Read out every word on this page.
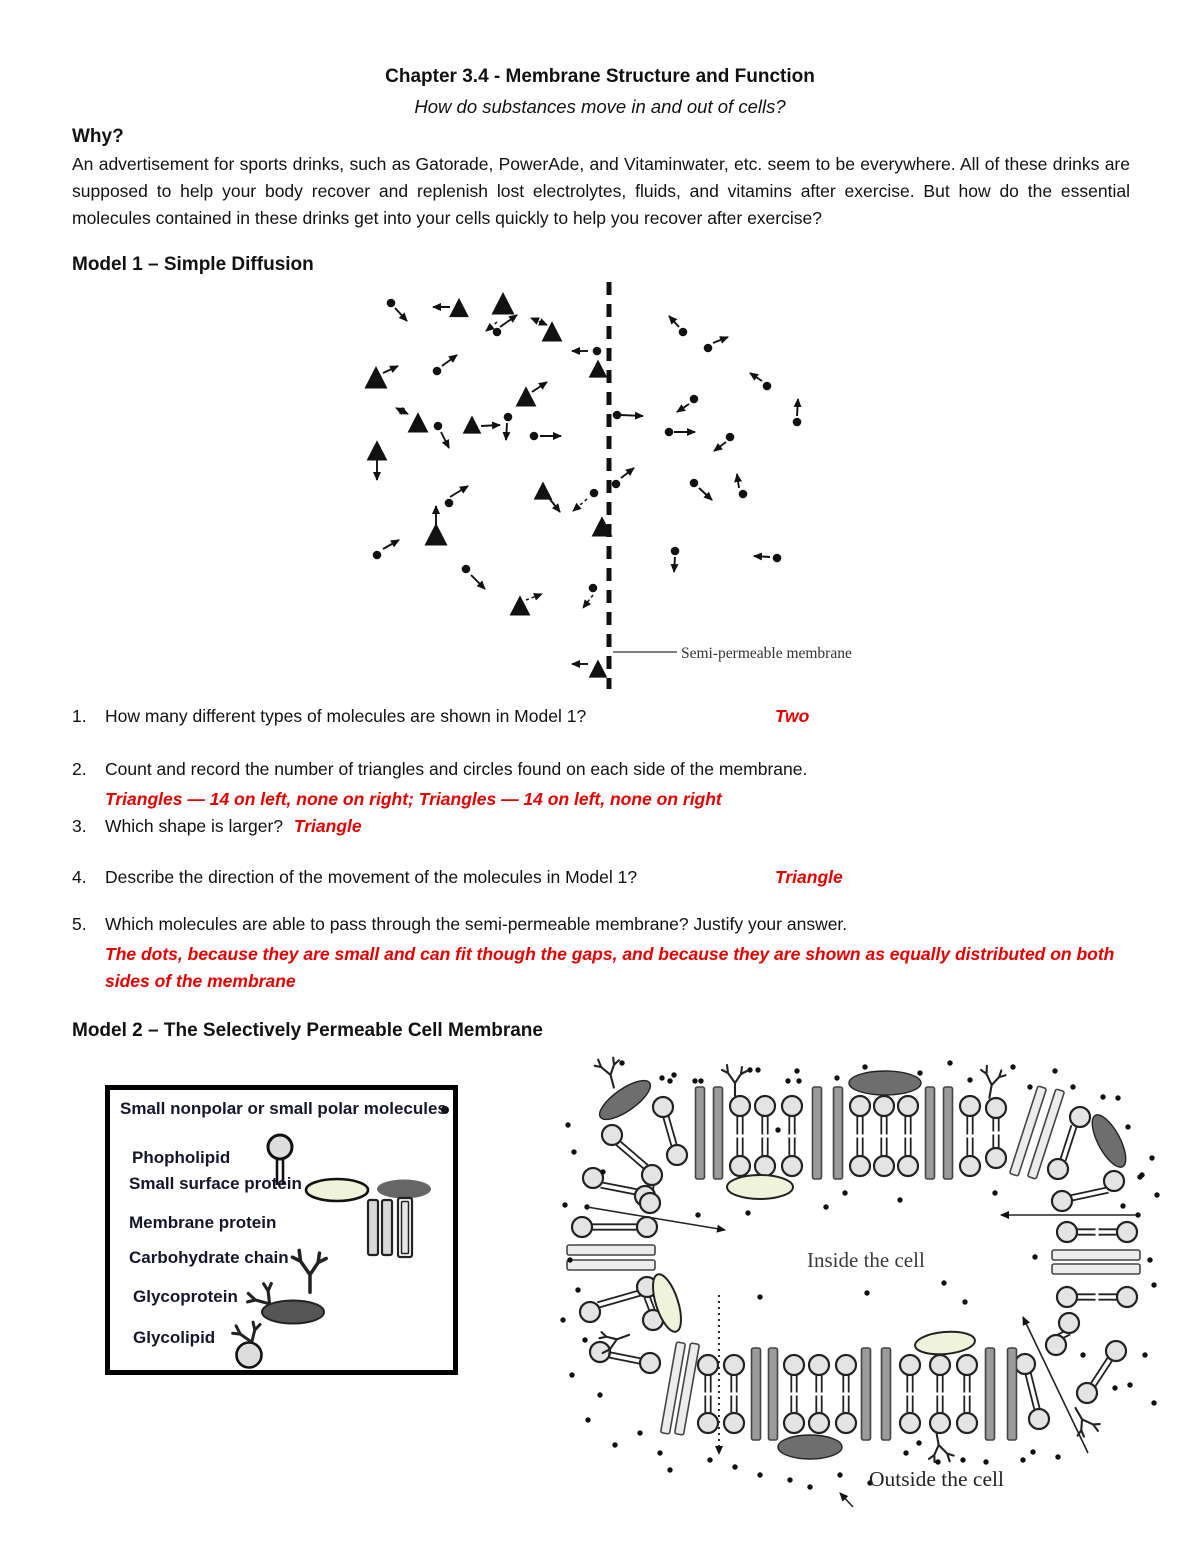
Chapter 3.4 - Membrane Structure and Function
How do substances move in and out of cells?
Why?
An advertisement for sports drinks, such as Gatorade, PowerAde, and Vitaminwater, etc. seem to be everywhere. All of these drinks are supposed to help your body recover and replenish lost electrolytes, fluids, and vitamins after exercise. But how do the essential molecules contained in these drinks get into your cells quickly to help you recover after exercise?
Model 1 – Simple Diffusion
Semi-permeable membrane
1. How many different types of molecules are shown in Model 1?	Two
2. Count and record the number of triangles and circles found on each side of the membrane.
Triangles — 14 on left, none on right; Triangles — 14 on left, none on right
3. Which shape is larger? Triangle
4. Describe the direction of the movement of the molecules in Model 1?	Triangle
5. Which molecules are able to pass through the semi-permeable membrane? Justify your answer.
The dots, because they are small and can fit though the gaps, and because they are shown as equally distributed on both sides of the membrane
Model 2 – The Selectively Permeable Cell Membrane
Small nonpolar or small polar molecules
Phopholipid
Small surface protein
Membrane protein
Carbohydrate chain
Glycoprotein
Glycolipid
Inside the cell
Outside the cell
